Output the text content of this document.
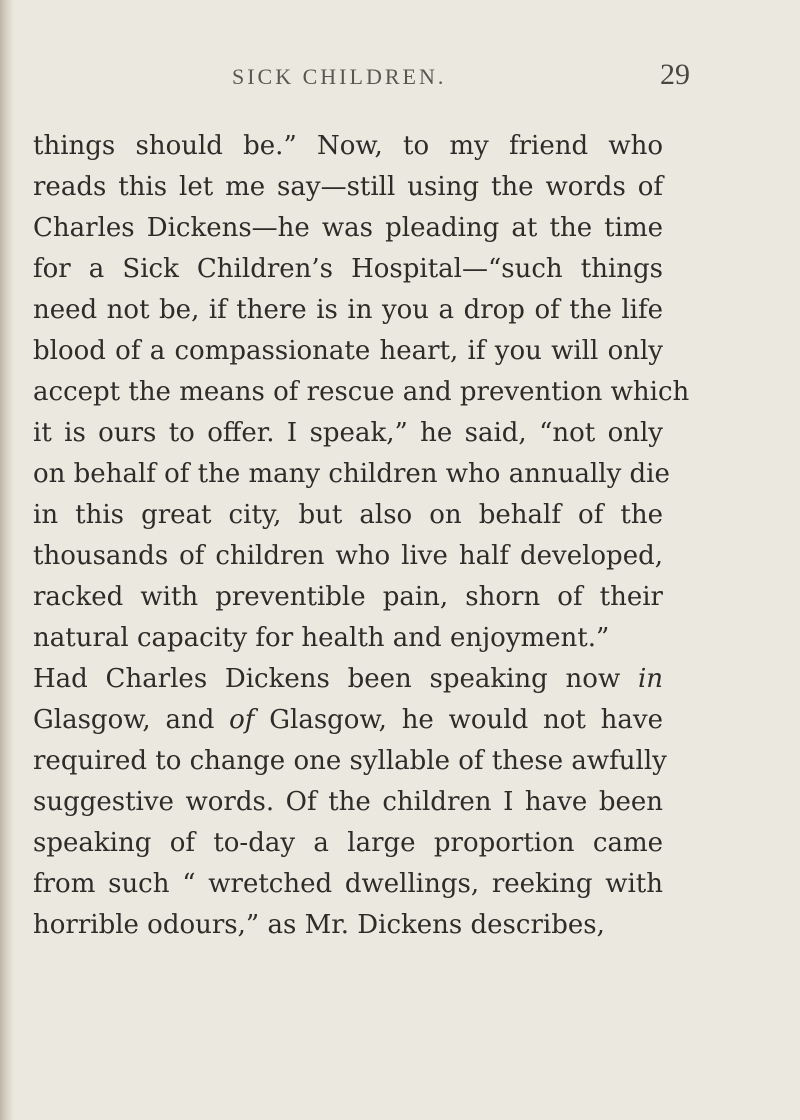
SICK CHILDREN.	29
things should be.” Now, to my friend who
reads this let me say—still using the words of
Charles Dickens—he was pleading at the time
for a Sick Children’s Hospital—“such things
need not be, if there is in you a drop of the life
blood of a compassionate heart, if you will only
accept the means of rescue and prevention which
it is ours to offer. I speak,” he said, “not only
on behalf of the many children who annually die
in this great city, but also on behalf of the
thousands of children who live half developed,
racked with preventible pain, shorn of their
natural capacity for health and enjoyment.”
Had Charles Dickens been speaking now in
Glasgow, and of Glasgow, he would not have
required to change one syllable of these awfully
suggestive words. Of the children I have been
speaking of to-day a large proportion came
from such “ wretched dwellings, reeking with
horrible odours,” as Mr. Dickens describes,
